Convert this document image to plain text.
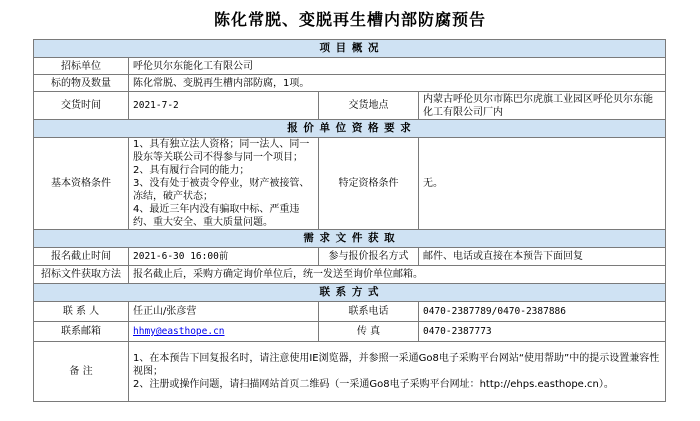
陈化常脱、变脱再生槽内部防腐预告
项 目 概 况			
招标单位	呼伦贝尔东能化工有限公司		
标的物及数量	陈化常脱、变脱再生槽内部防腐，1项。		
交货时间	2021-7-2	交货地点	内蒙古呼伦贝尔市陈巴尔虎旗工业园区呼伦贝尔东能化工有限公司厂内
报 价 单 位 资 格 要 求			
基本资格条件	1、具有独立法人资格；同一法人、同一股东等关联公司不得参与同一个项目；
2、具有履行合同的能力；
3、没有处于被责令停业，财产被接管、冻结，破产状态；
4、最近三年内没有骗取中标、严重违约、重大安全、重大质量问题。	特定资格条件	无。
需 求 文 件 获 取			
报名截止时间	2021-6-30 16:00前	参与报价报名方式	邮件、电话或直接在本预告下面回复
招标文件获取方法	报名截止后，采购方确定询价单位后，统一发送至询价单位邮箱。		
联 系 方 式			
联 系 人	任正山/张彦营	联系电话	0470-2387789/0470-2387886
联系邮箱	hhmy@easthope.cn	传 真	0470-2387773
备 注	1、在本预告下回复报名时，请注意使用IE浏览器，并参照一采通Go8电子采购平台网站“使用帮助”中的提示设置兼容性视图；
2、注册或操作问题，请扫描网站首页二维码（一采通Go8电子采购平台网址：http://ehps.easthope.cn）。		
